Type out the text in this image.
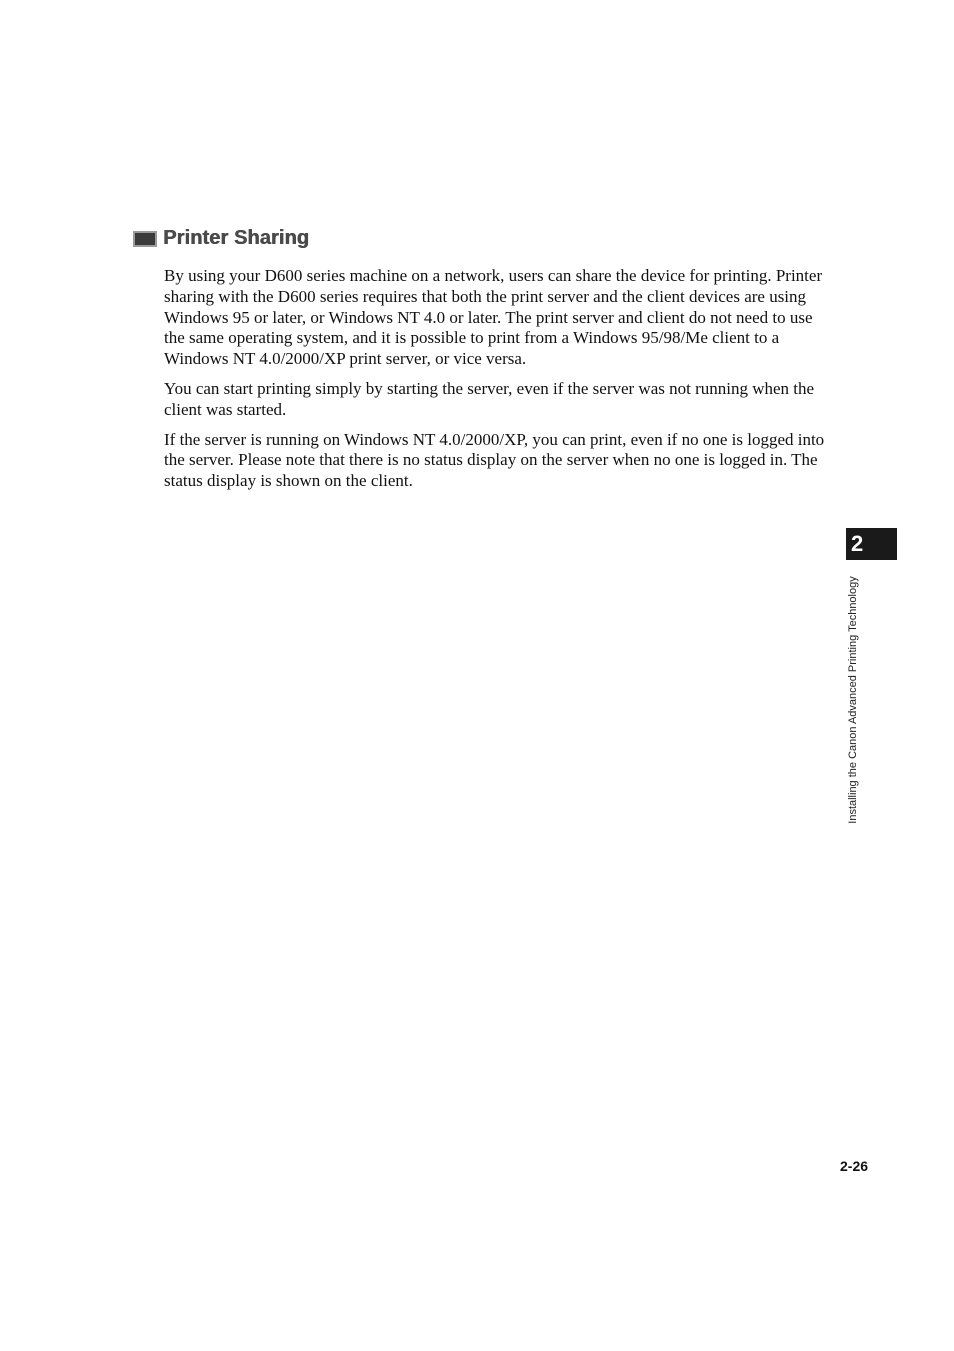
Printer Sharing

By using your D600 series machine on a network, users can share the device for printing. Printer sharing with the D600 series requires that both the print server and the client devices are using Windows 95 or later, or Windows NT 4.0 or later. The print server and client do not need to use the same operating system, and it is possible to print from a Windows 95/98/Me client to a Windows NT 4.0/2000/XP print server, or vice versa.

You can start printing simply by starting the server, even if the server was not running when the client was started.

If the server is running on Windows NT 4.0/2000/XP, you can print, even if no one is logged into the server. Please note that there is no status display on the server when no one is logged in. The status display is shown on the client.

2
Installing the Canon Advanced Printing Technology
2-26
